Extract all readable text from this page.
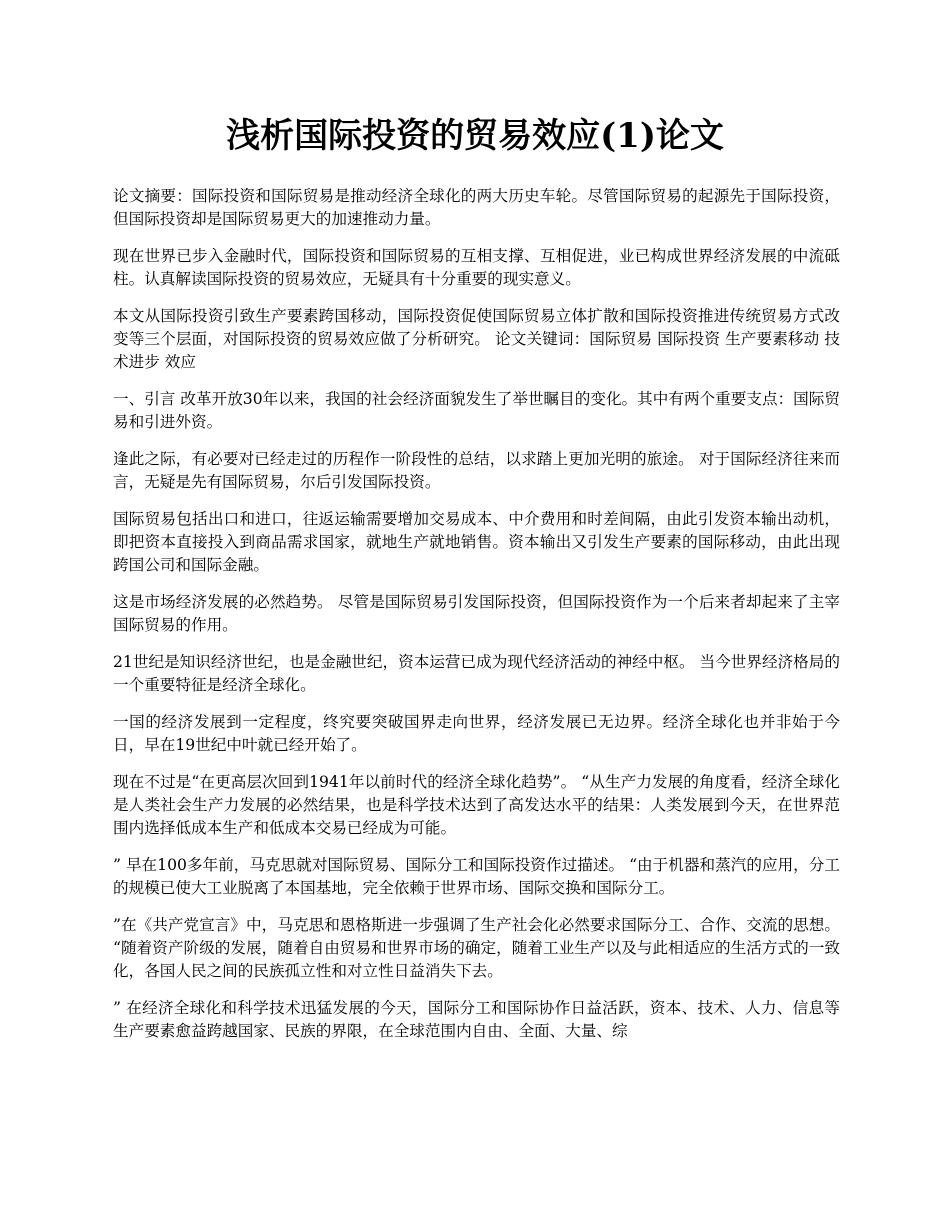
浅析国际投资的贸易效应(1)论文

论文摘要：国际投资和国际贸易是推动经济全球化的两大历史车轮。尽管国际贸易的起源先于国际投资，但国际投资却是国际贸易更大的加速推动力量。

现在世界已步入金融时代，国际投资和国际贸易的互相支撑、互相促进，业已构成世界经济发展的中流砥柱。认真解读国际投资的贸易效应，无疑具有十分重要的现实意义。

本文从国际投资引致生产要素跨国移动，国际投资促使国际贸易立体扩散和国际投资推进传统贸易方式改变等三个层面，对国际投资的贸易效应做了分析研究。 论文关键词：国际贸易 国际投资 生产要素移动 技术进步 效应

一、引言 改革开放30年以来，我国的社会经济面貌发生了举世瞩目的变化。其中有两个重要支点：国际贸易和引进外资。

逢此之际，有必要对已经走过的历程作一阶段性的总结，以求踏上更加光明的旅途。 对于国际经济往来而言，无疑是先有国际贸易，尔后引发国际投资。

国际贸易包括出口和进口，往返运输需要增加交易成本、中介费用和时差间隔，由此引发资本输出动机，即把资本直接投入到商品需求国家，就地生产就地销售。资本输出又引发生产要素的国际移动，由此出现跨国公司和国际金融。

这是市场经济发展的必然趋势。 尽管是国际贸易引发国际投资，但国际投资作为一个后来者却起来了主宰国际贸易的作用。

21世纪是知识经济世纪，也是金融世纪，资本运营已成为现代经济活动的神经中枢。 当今世界经济格局的一个重要特征是经济全球化。

一国的经济发展到一定程度，终究要突破国界走向世界，经济发展已无边界。经济全球化也并非始于今日，早在19世纪中叶就已经开始了。

现在不过是“在更高层次回到1941年以前时代的经济全球化趋势”。 “从生产力发展的角度看，经济全球化是人类社会生产力发展的必然结果，也是科学技术达到了高发达水平的结果：人类发展到今天，在世界范围内选择低成本生产和低成本交易已经成为可能。

” 早在100多年前，马克思就对国际贸易、国际分工和国际投资作过描述。 “由于机器和蒸汽的应用，分工的规模已使大工业脱离了本国基地，完全依赖于世界市场、国际交换和国际分工。

”在《共产党宣言》中，马克思和恩格斯进一步强调了生产社会化必然要求国际分工、合作、交流的思想。 “随着资产阶级的发展，随着自由贸易和世界市场的确定，随着工业生产以及与此相适应的生活方式的一致化，各国人民之间的民族孤立性和对立性日益消失下去。

” 在经济全球化和科学技术迅猛发展的今天，国际分工和国际协作日益活跃，资本、技术、人力、信息等生产要素愈益跨越国家、民族的界限，在全球范围内自由、全面、大量、综
